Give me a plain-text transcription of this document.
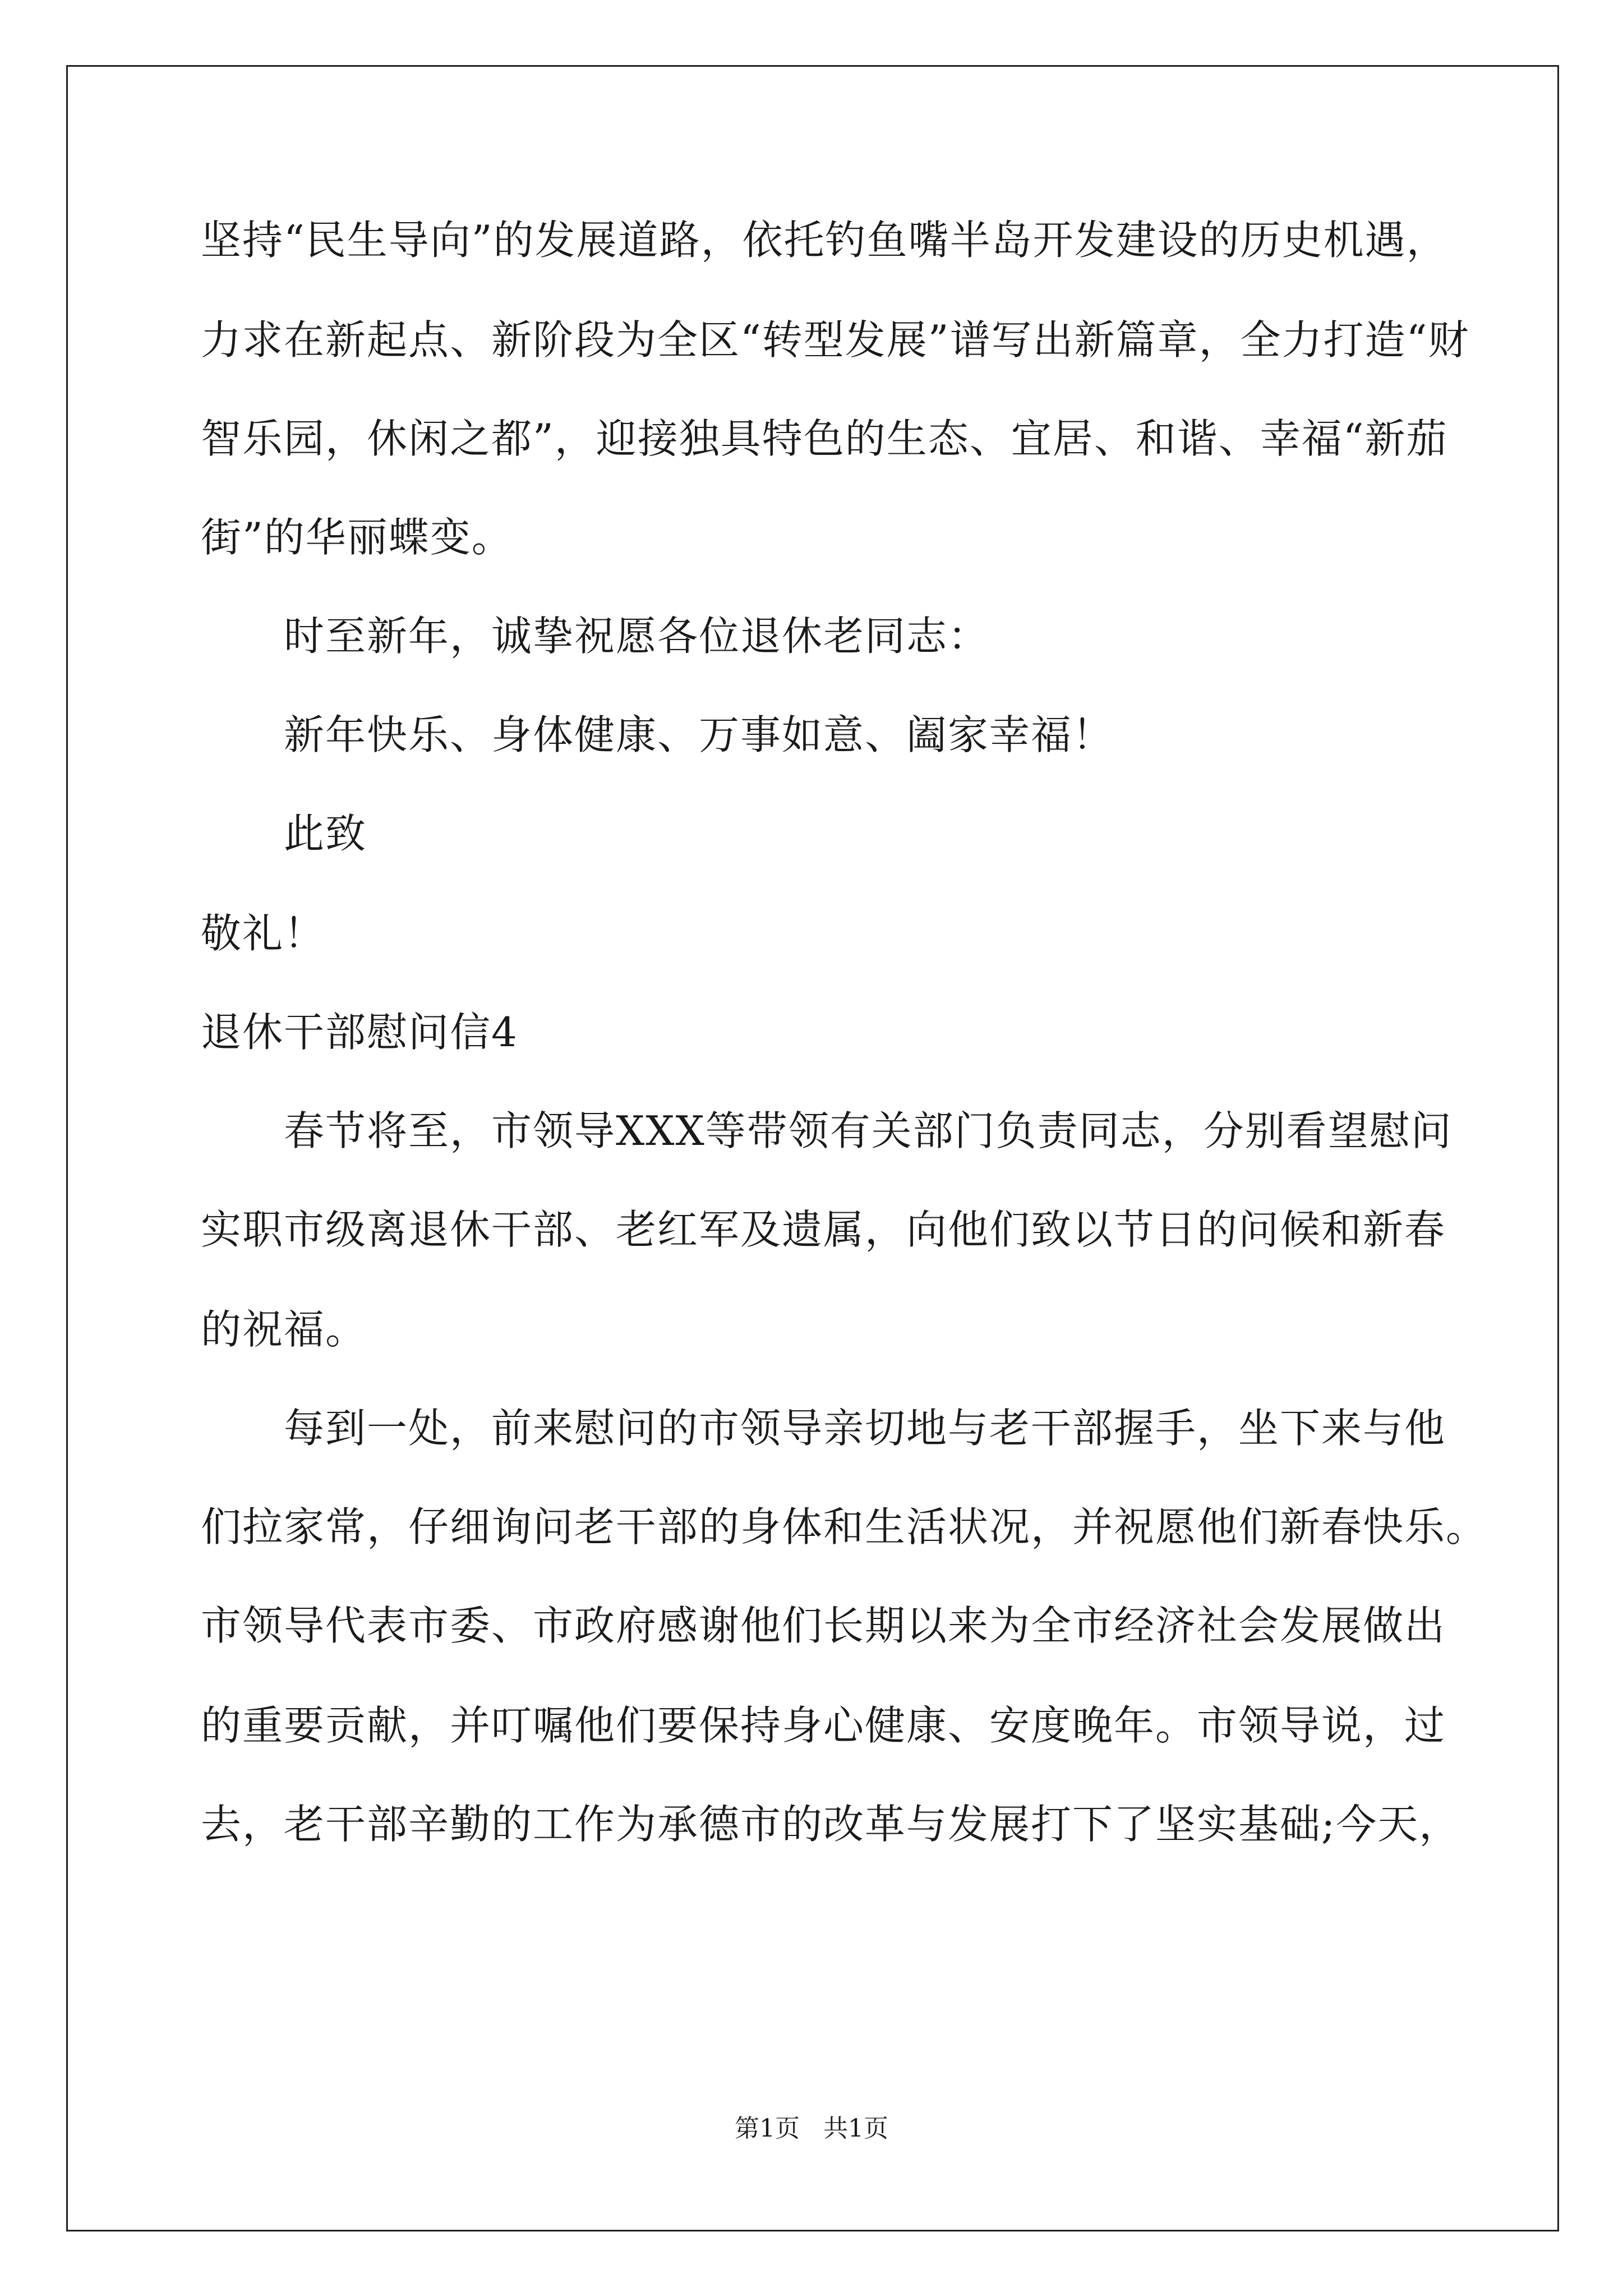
坚持“民生导向”的发展道路，依托钓鱼嘴半岛开发建设的历史机遇，
力求在新起点、新阶段为全区“转型发展”谱写出新篇章，全力打造“财
智乐园，休闲之都”，迎接独具特色的生态、宜居、和谐、幸福“新茄
街”的华丽蝶变。
时至新年，诚挚祝愿各位退休老同志：
新年快乐、身体健康、万事如意、阖家幸福！
此致
敬礼！
退休干部慰问信4
春节将至，市领导XXX等带领有关部门负责同志，分别看望慰问
实职市级离退休干部、老红军及遗属，向他们致以节日的问候和新春
的祝福。
每到一处，前来慰问的市领导亲切地与老干部握手，坐下来与他
们拉家常，仔细询问老干部的身体和生活状况，并祝愿他们新春快乐。
市领导代表市委、市政府感谢他们长期以来为全市经济社会发展做出
的重要贡献，并叮嘱他们要保持身心健康、安度晚年。市领导说，过
去，老干部辛勤的工作为承德市的改革与发展打下了坚实基础;今天，
第1页   共1页
